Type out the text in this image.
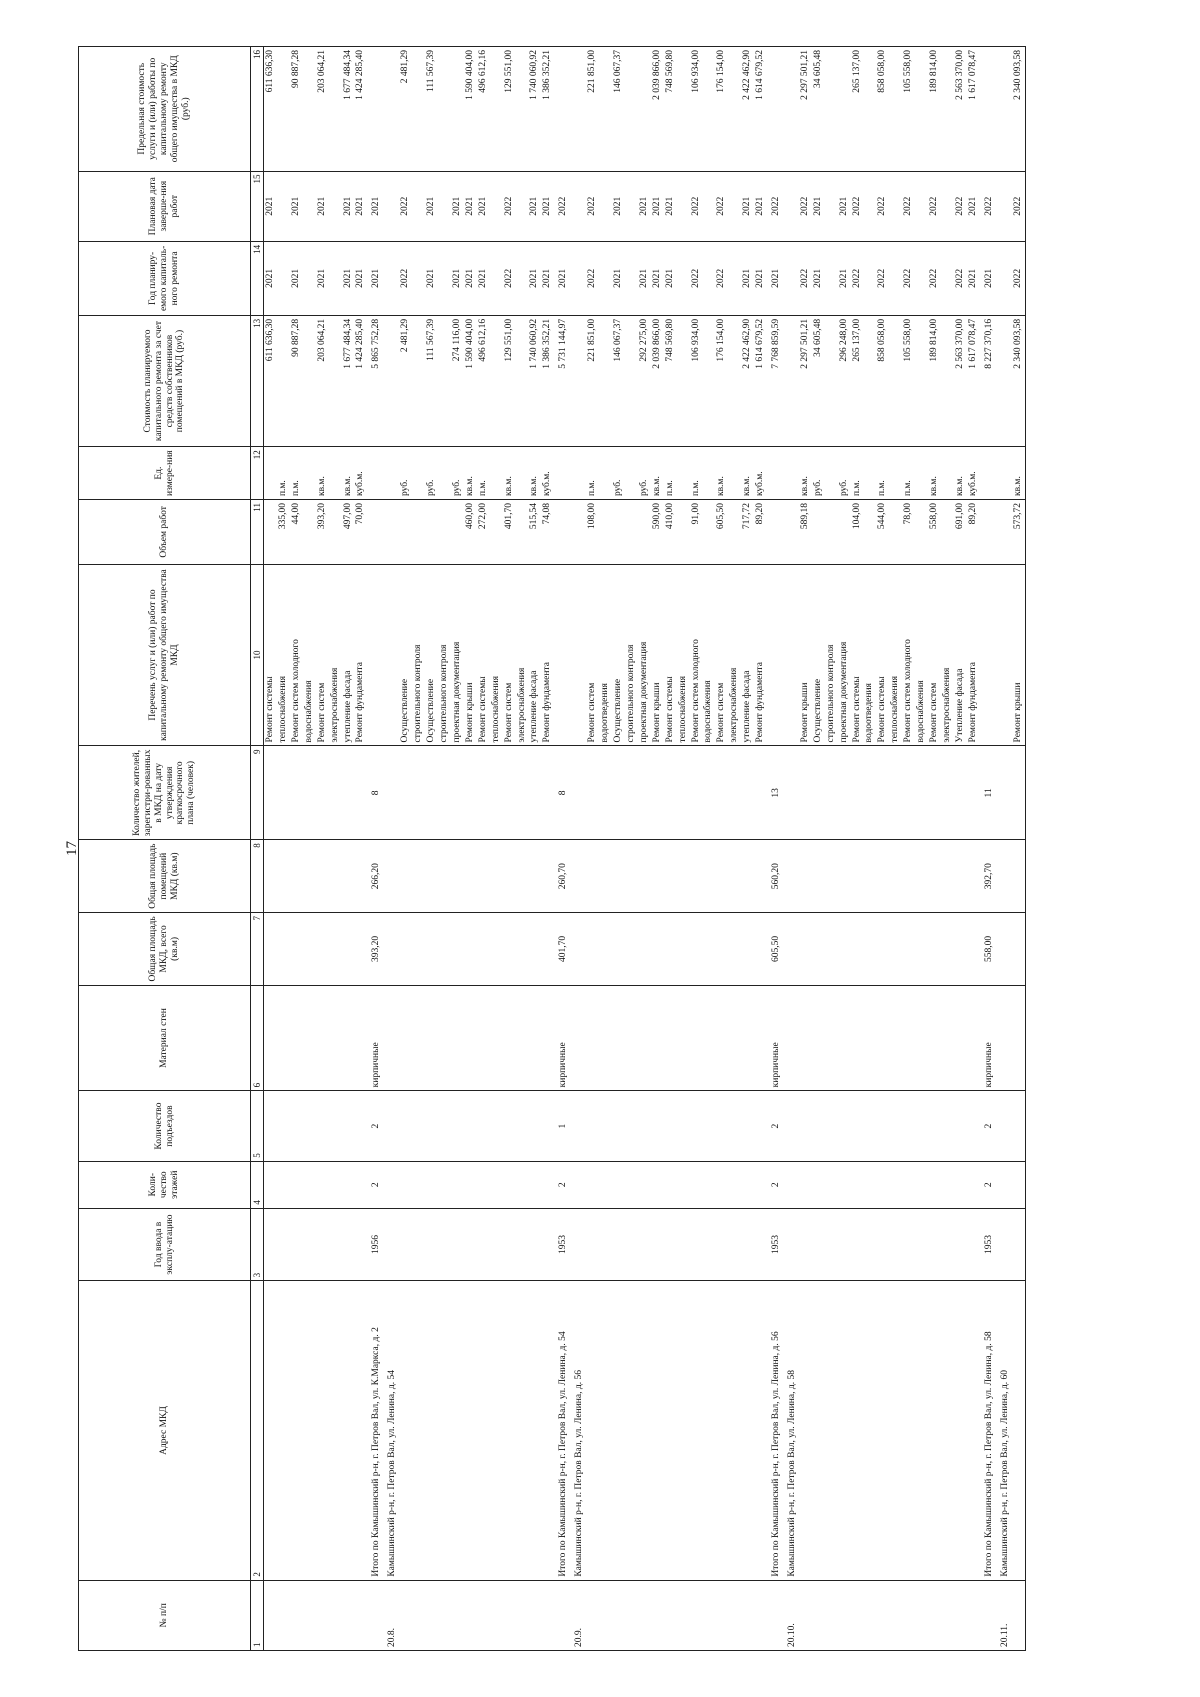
17
№ п/п	Адрес МКД	Год ввода в эксплу-атацию	Коли-чество этажей	Количество подъездов	Материал стен	Общая площадь МКД, всего (кв.м)	Общая площадь помещений МКД (кв.м)	Количество жителей, зарегистри-рованных в МКД на дату утверждения краткосрочного плана (человек)	Перечень услуг и (или) работ по капитальному ремонту общего имущества МКД	Объем работ	Ед. измере-ния	Стоимость планируемого капитального ремонта за счет средств собственников помещений в МКД (руб.)	Год планиру-емого капиталь-ного ремонта	Плановая дата заверше-ния работ	Предельная стоимость услуги и (или) работы по капитальному ремонту общего имущества в МКД (руб.)
1	2	3	4	5	6	7	8	9	10	11	12	13	14	15	16
									Ремонт системы			611 636,30	2021	2021	611 636,30
									теплоснабжения	335,00	п.м.				
									Ремонт систем холодного	44,00	п.м.	90 887,28	2021	2021	90 887,28
									водоснабжения						
									Ремонт систем	393,20	кв.м.	203 064,21	2021	2021	203 064,21
									электроснабжения						
									утепление фасада	497,00	кв.м.	1 677 484,34	2021	2021	1 677 484,34
									Ремонт фундамента	70,00	куб.м.	1 424 285,40	2021	2021	1 424 285,40
	Итого по Камышинский р-н, г. Петров Вал, ул. К.Маркса, д. 2	1956	2	2	кирпичные	393,20	266,20	8				5 865 752,28	2021	2021	
20.8.	Камышинский р-н, г. Петров Вал, ул. Ленина, д. 54														
									Осуществление		руб.	2 481,29	2022	2022	2 481,29
									строительного контроля						
									Осуществление		руб.	111 567,39	2021	2021	111 567,39
									строительного контроля						
									проектная документация		руб.	274 116,00	2021	2021	
									Ремонт крыши	460,00	кв.м.	1 590 404,00	2021	2021	1 590 404,00
									Ремонт системы	272,00	п.м.	496 612,16	2021	2021	496 612,16
									теплоснабжения						
									Ремонт систем	401,70	кв.м.	129 551,00	2022	2022	129 551,00
									электроснабжения						
									утепление фасада	515,54	кв.м.	1 740 060,92	2021	2021	1 740 060,92
									Ремонт фундамента	74,08	куб.м.	1 386 352,21	2021	2021	1 386 352,21
	Итого по Камышинский р-н, г. Петров Вал, ул. Ленина, д. 54	1953	2	1	кирпичные	401,70	260,70	8				5 731 144,97	2021	2022	
20.9.	Камышинский р-н, г. Петров Вал, ул. Ленина, д. 56														
									Ремонт систем	108,00	п.м.	221 851,00	2022	2022	221 851,00
									водоотведения						
									Осуществление		руб.	146 067,37	2021	2021	146 067,37
									строительного контроля						
									проектная документация		руб.	292 275,00	2021	2021	
									Ремонт крыши	590,00	кв.м.	2 039 866,00	2021	2021	2 039 866,00
									Ремонт системы	410,00	п.м.	748 569,80	2021	2021	748 569,80
									теплоснабжения						
									Ремонт систем холодного	91,00	п.м.	106 934,00	2022	2022	106 934,00
									водоснабжения						
									Ремонт систем	605,50	кв.м.	176 154,00	2022	2022	176 154,00
									электроснабжения						
									утепление фасада	717,72	кв.м.	2 422 462,90	2021	2021	2 422 462,90
									Ремонт фундамента	89,20	куб.м.	1 614 679,52	2021	2021	1 614 679,52
	Итого по Камышинский р-н, г. Петров Вал, ул. Ленина, д. 56	1953	2	2	кирпичные	605,50	560,20	13				7 768 859,59	2021	2022	
20.10.	Камышинский р-н, г. Петров Вал, ул. Ленина, д. 58														
									Ремонт крыши	589,18	кв.м.	2 297 501,21	2022	2022	2 297 501,21
									Осуществление		руб.	34 605,48	2021	2021	34 605,48
									строительного контроля						
									проектная документация		руб.	296 248,00	2021	2021	
									Ремонт системы	104,00	п.м.	265 137,00	2022	2022	265 137,00
									водоотведения						
									Ремонт системы	544,00	п.м.	858 058,00	2022	2022	858 058,00
									теплоснабжения						
									Ремонт систем холодного	78,00	п.м.	105 558,00	2022	2022	105 558,00
									водоснабжения						
									Ремонт систем	558,00	кв.м.	189 814,00	2022	2022	189 814,00
									электроснабжения						
									Утепление фасада	691,00	кв.м.	2 563 370,00	2022	2022	2 563 370,00
									Ремонт фундамента	89,20	куб.м.	1 617 078,47	2021	2021	1 617 078,47
	Итого по Камышинский р-н, г. Петров Вал, ул. Ленина, д. 58	1953	2	2	кирпичные	558,00	392,70	11				8 227 370,16	2021	2022	
20.11.	Камышинский р-н, г. Петров Вал, ул. Ленина, д. 60														
									Ремонт крыши	573,72	кв.м.	2 340 093,58	2022	2022	2 340 093,58
